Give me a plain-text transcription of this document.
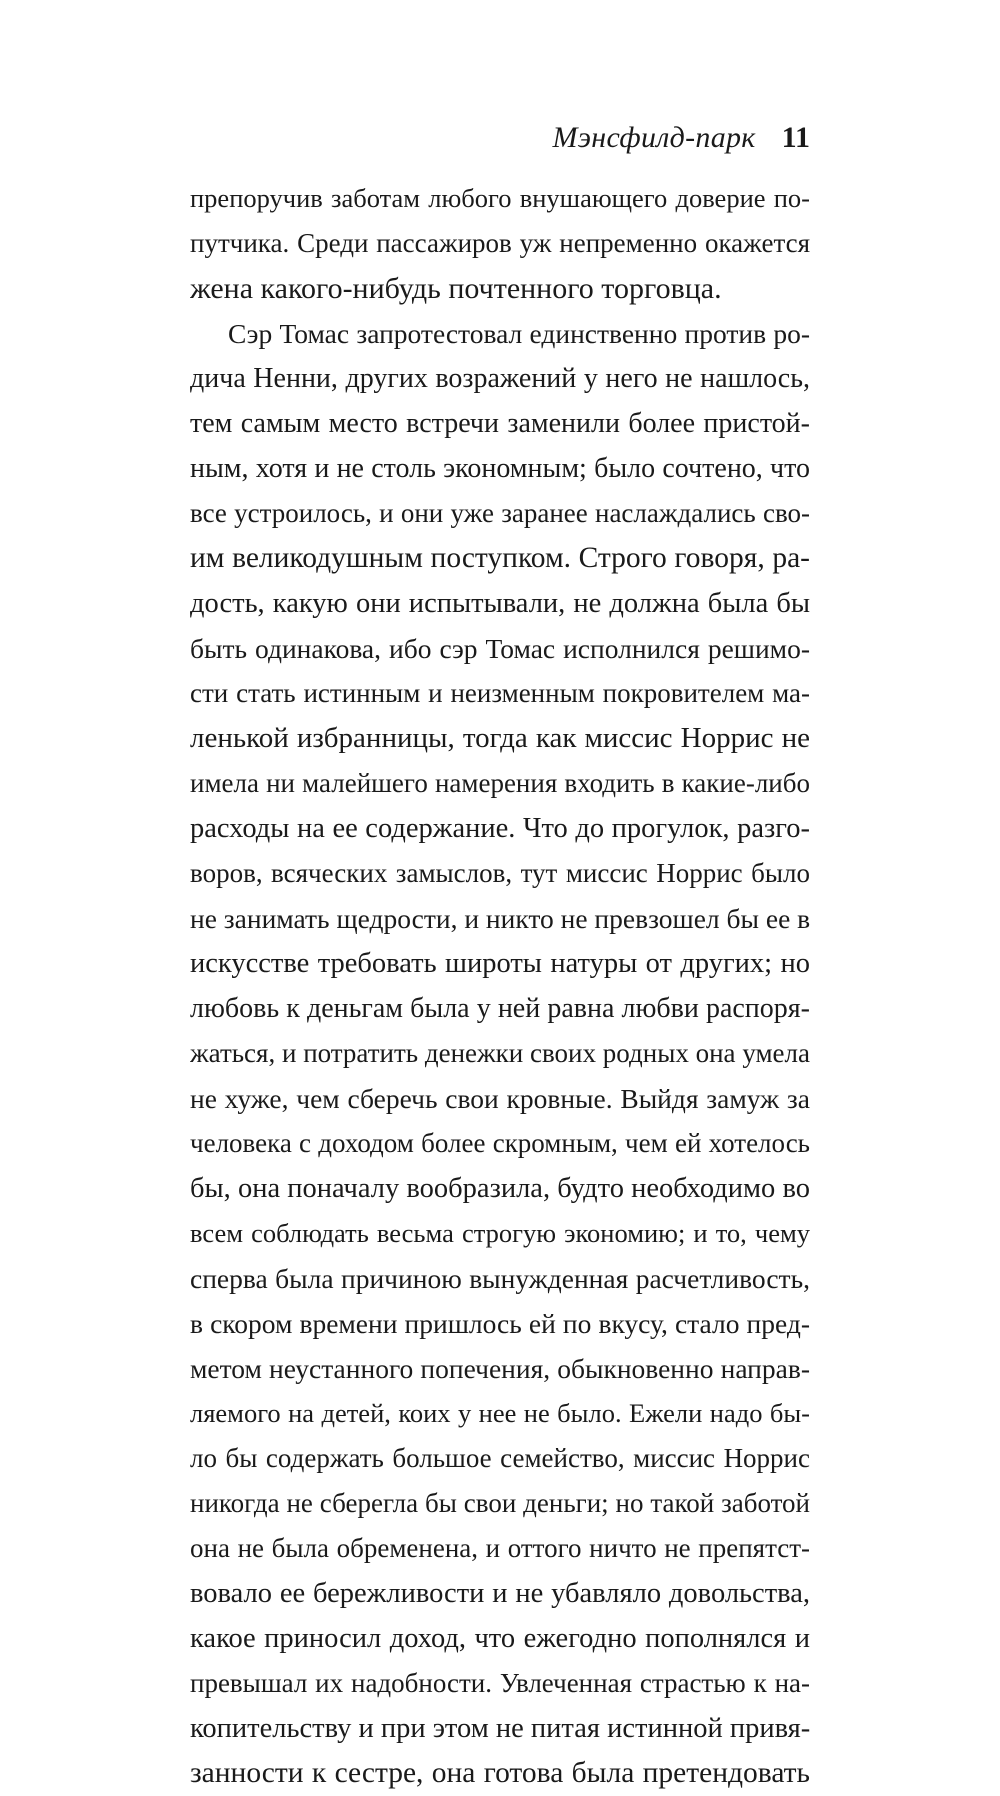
Мэнсфилд-парк 11
препоручив заботам любого внушающего доверие по-
путчика. Среди пассажиров уж непременно окажется
жена какого-нибудь почтенного торговца.
Сэр Томас запротестовал единственно против ро-
дича Ненни, других возражений у него не нашлось,
тем самым место встречи заменили более пристой-
ным, хотя и не столь экономным; было сочтено, что
все устроилось, и они уже заранее наслаждались сво-
им великодушным поступком. Строго говоря, ра-
дость, какую они испытывали, не должна была бы
быть одинакова, ибо сэр Томас исполнился решимо-
сти стать истинным и неизменным покровителем ма-
ленькой избранницы, тогда как миссис Норрис не
имела ни малейшего намерения входить в какие-либо
расходы на ее содержание. Что до прогулок, разго-
воров, всяческих замыслов, тут миссис Норрис было
не занимать щедрости, и никто не превзошел бы ее в
искусстве требовать широты натуры от других; но
любовь к деньгам была у ней равна любви распоря-
жаться, и потратить денежки своих родных она умела
не хуже, чем сберечь свои кровные. Выйдя замуж за
человека с доходом более скромным, чем ей хотелось
бы, она поначалу вообразила, будто необходимо во
всем соблюдать весьма строгую экономию; и то, чему
сперва была причиною вынужденная расчетливость,
в скором времени пришлось ей по вкусу, стало пред-
метом неустанного попечения, обыкновенно направ-
ляемого на детей, коих у нее не было. Ежели надо бы-
ло бы содержать большое семейство, миссис Норрис
никогда не сберегла бы свои деньги; но такой заботой
она не была обременена, и оттого ничто не препятст-
вовало ее бережливости и не убавляло довольства,
какое приносил доход, что ежегодно пополнялся и
превышал их надобности. Увлеченная страстью к на-
копительству и при этом не питая истинной привя-
занности к сестре, она готова была претендовать
